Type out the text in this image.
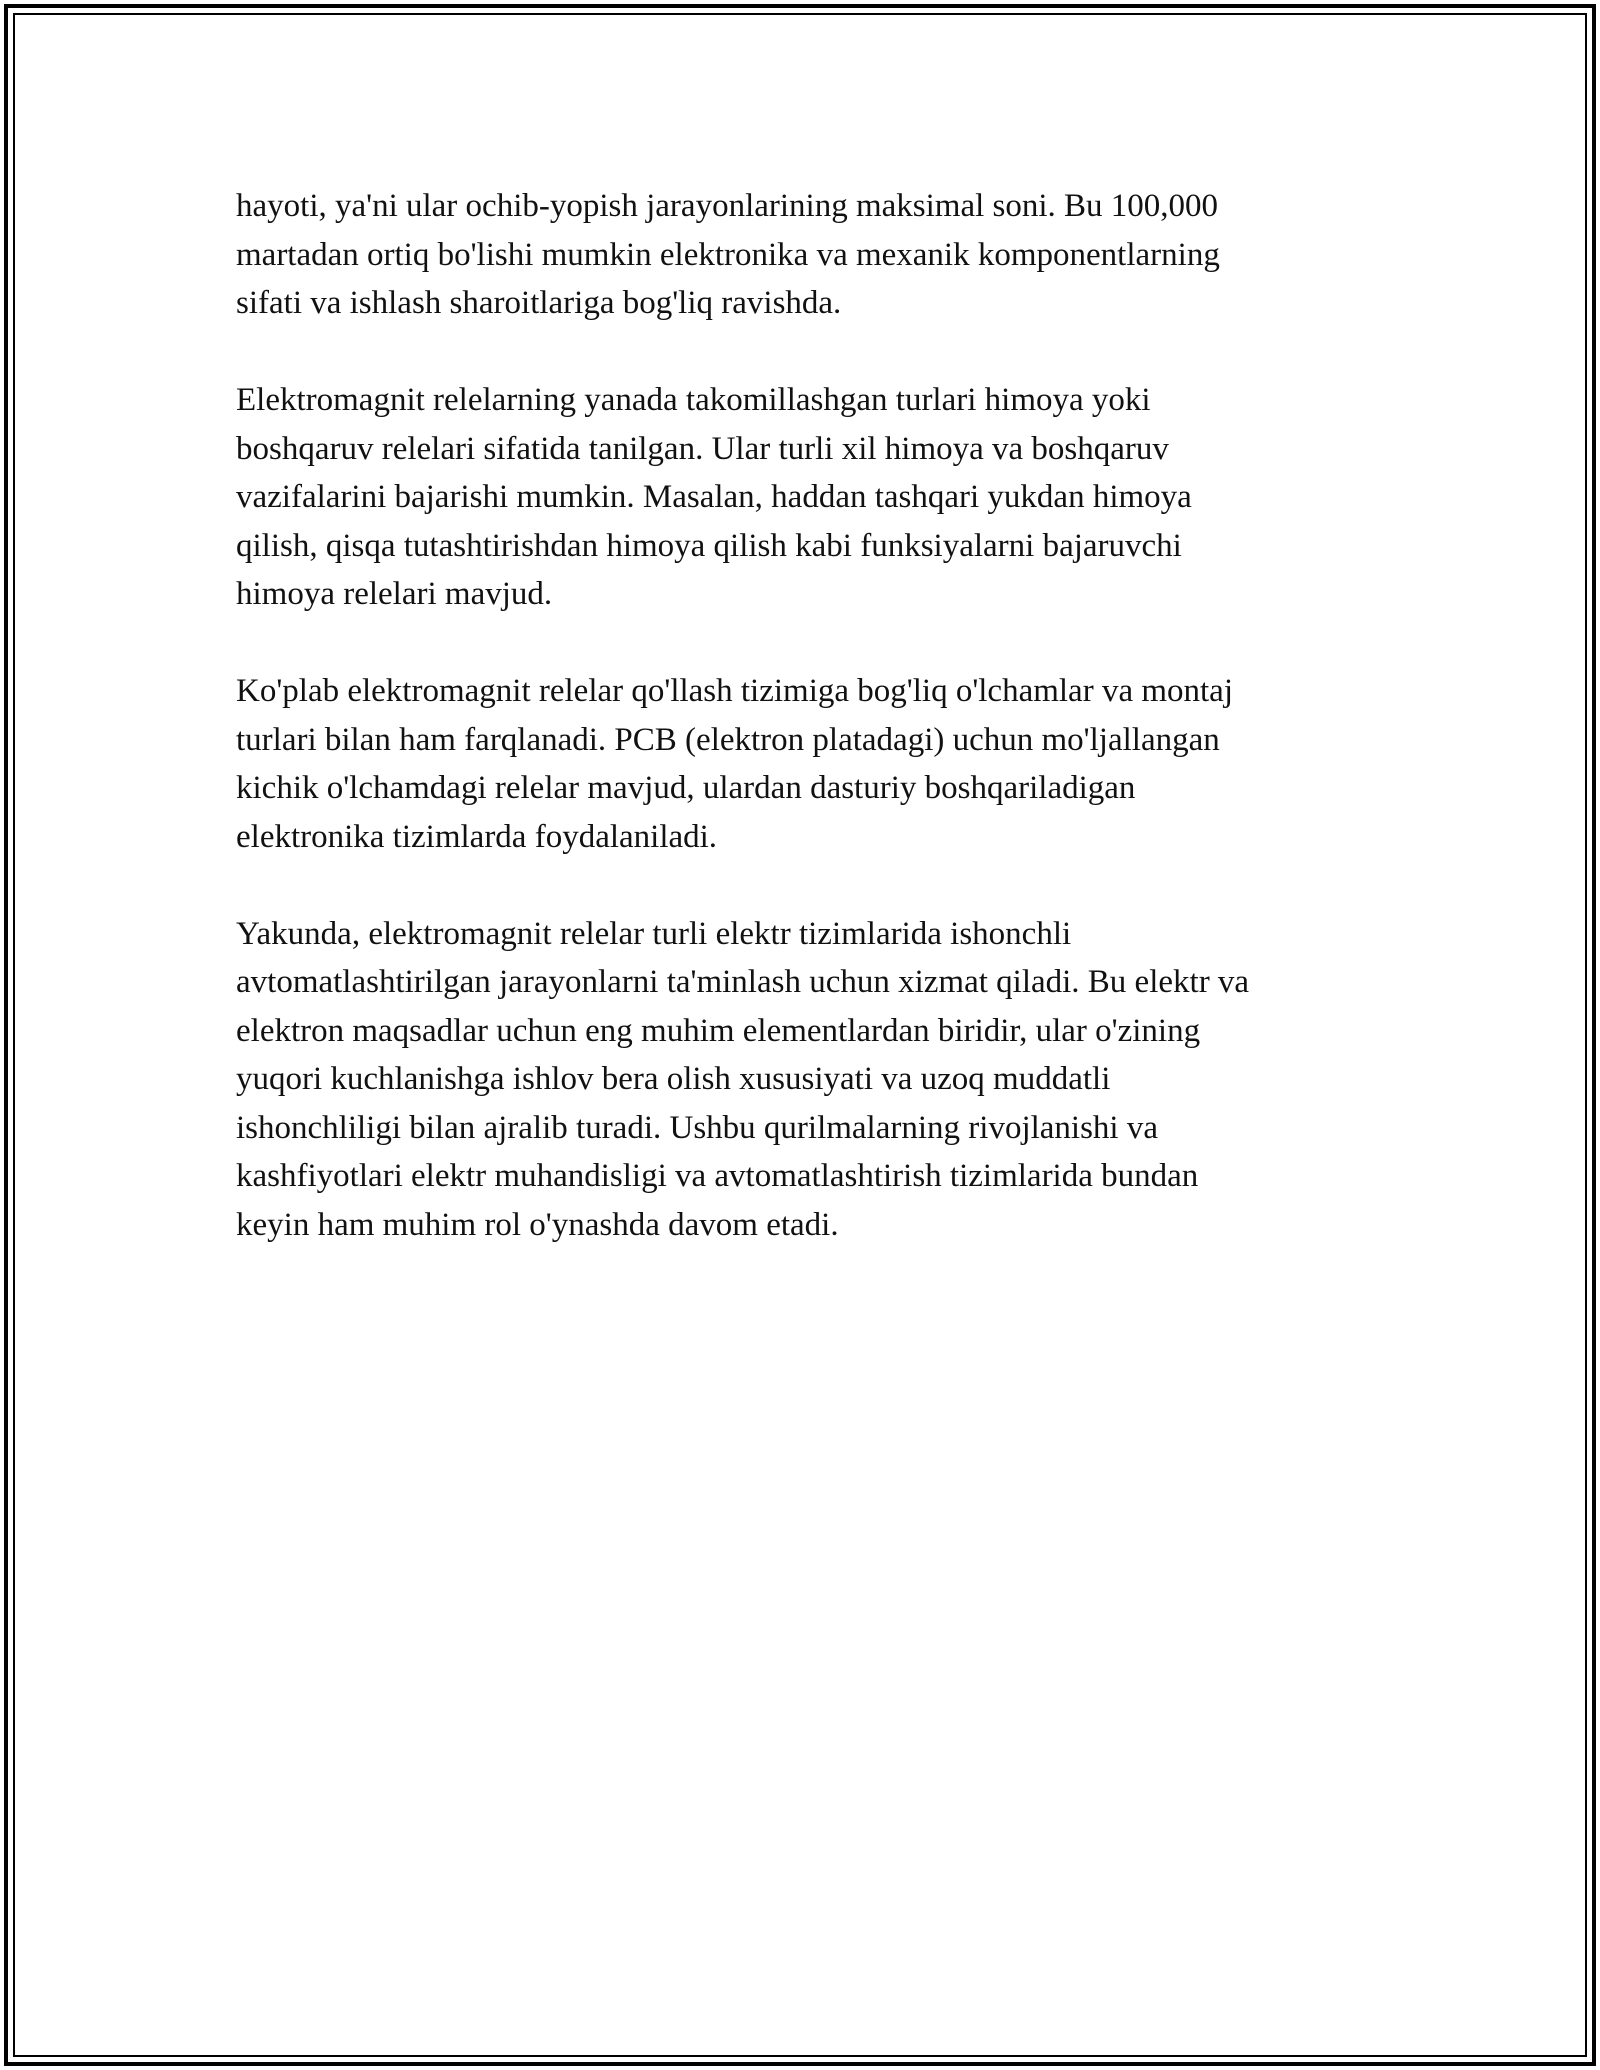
hayoti, ya'ni ular ochib-yopish jarayonlarining maksimal soni. Bu 100,000
martadan ortiq bo'lishi mumkin elektronika va mexanik komponentlarning
sifati va ishlash sharoitlariga bog'liq ravishda.

Elektromagnit relelarning yanada takomillashgan turlari himoya yoki
boshqaruv relelari sifatida tanilgan. Ular turli xil himoya va boshqaruv
vazifalarini bajarishi mumkin. Masalan, haddan tashqari yukdan himoya
qilish, qisqa tutashtirishdan himoya qilish kabi funksiyalarni bajaruvchi
himoya relelari mavjud.

Ko'plab elektromagnit relelar qo'llash tizimiga bog'liq o'lchamlar va montaj
turlari bilan ham farqlanadi. PCB (elektron platadagi) uchun mo'ljallangan
kichik o'lchamdagi relelar mavjud, ulardan dasturiy boshqariladigan
elektronika tizimlarda foydalaniladi.

Yakunda, elektromagnit relelar turli elektr tizimlarida ishonchli
avtomatlashtirilgan jarayonlarni ta'minlash uchun xizmat qiladi. Bu elektr va
elektron maqsadlar uchun eng muhim elementlardan biridir, ular o'zining
yuqori kuchlanishga ishlov bera olish xususiyati va uzoq muddatli
ishonchliligi bilan ajralib turadi. Ushbu qurilmalarning rivojlanishi va
kashfiyotlari elektr muhandisligi va avtomatlashtirish tizimlarida bundan
keyin ham muhim rol o'ynashda davom etadi.
